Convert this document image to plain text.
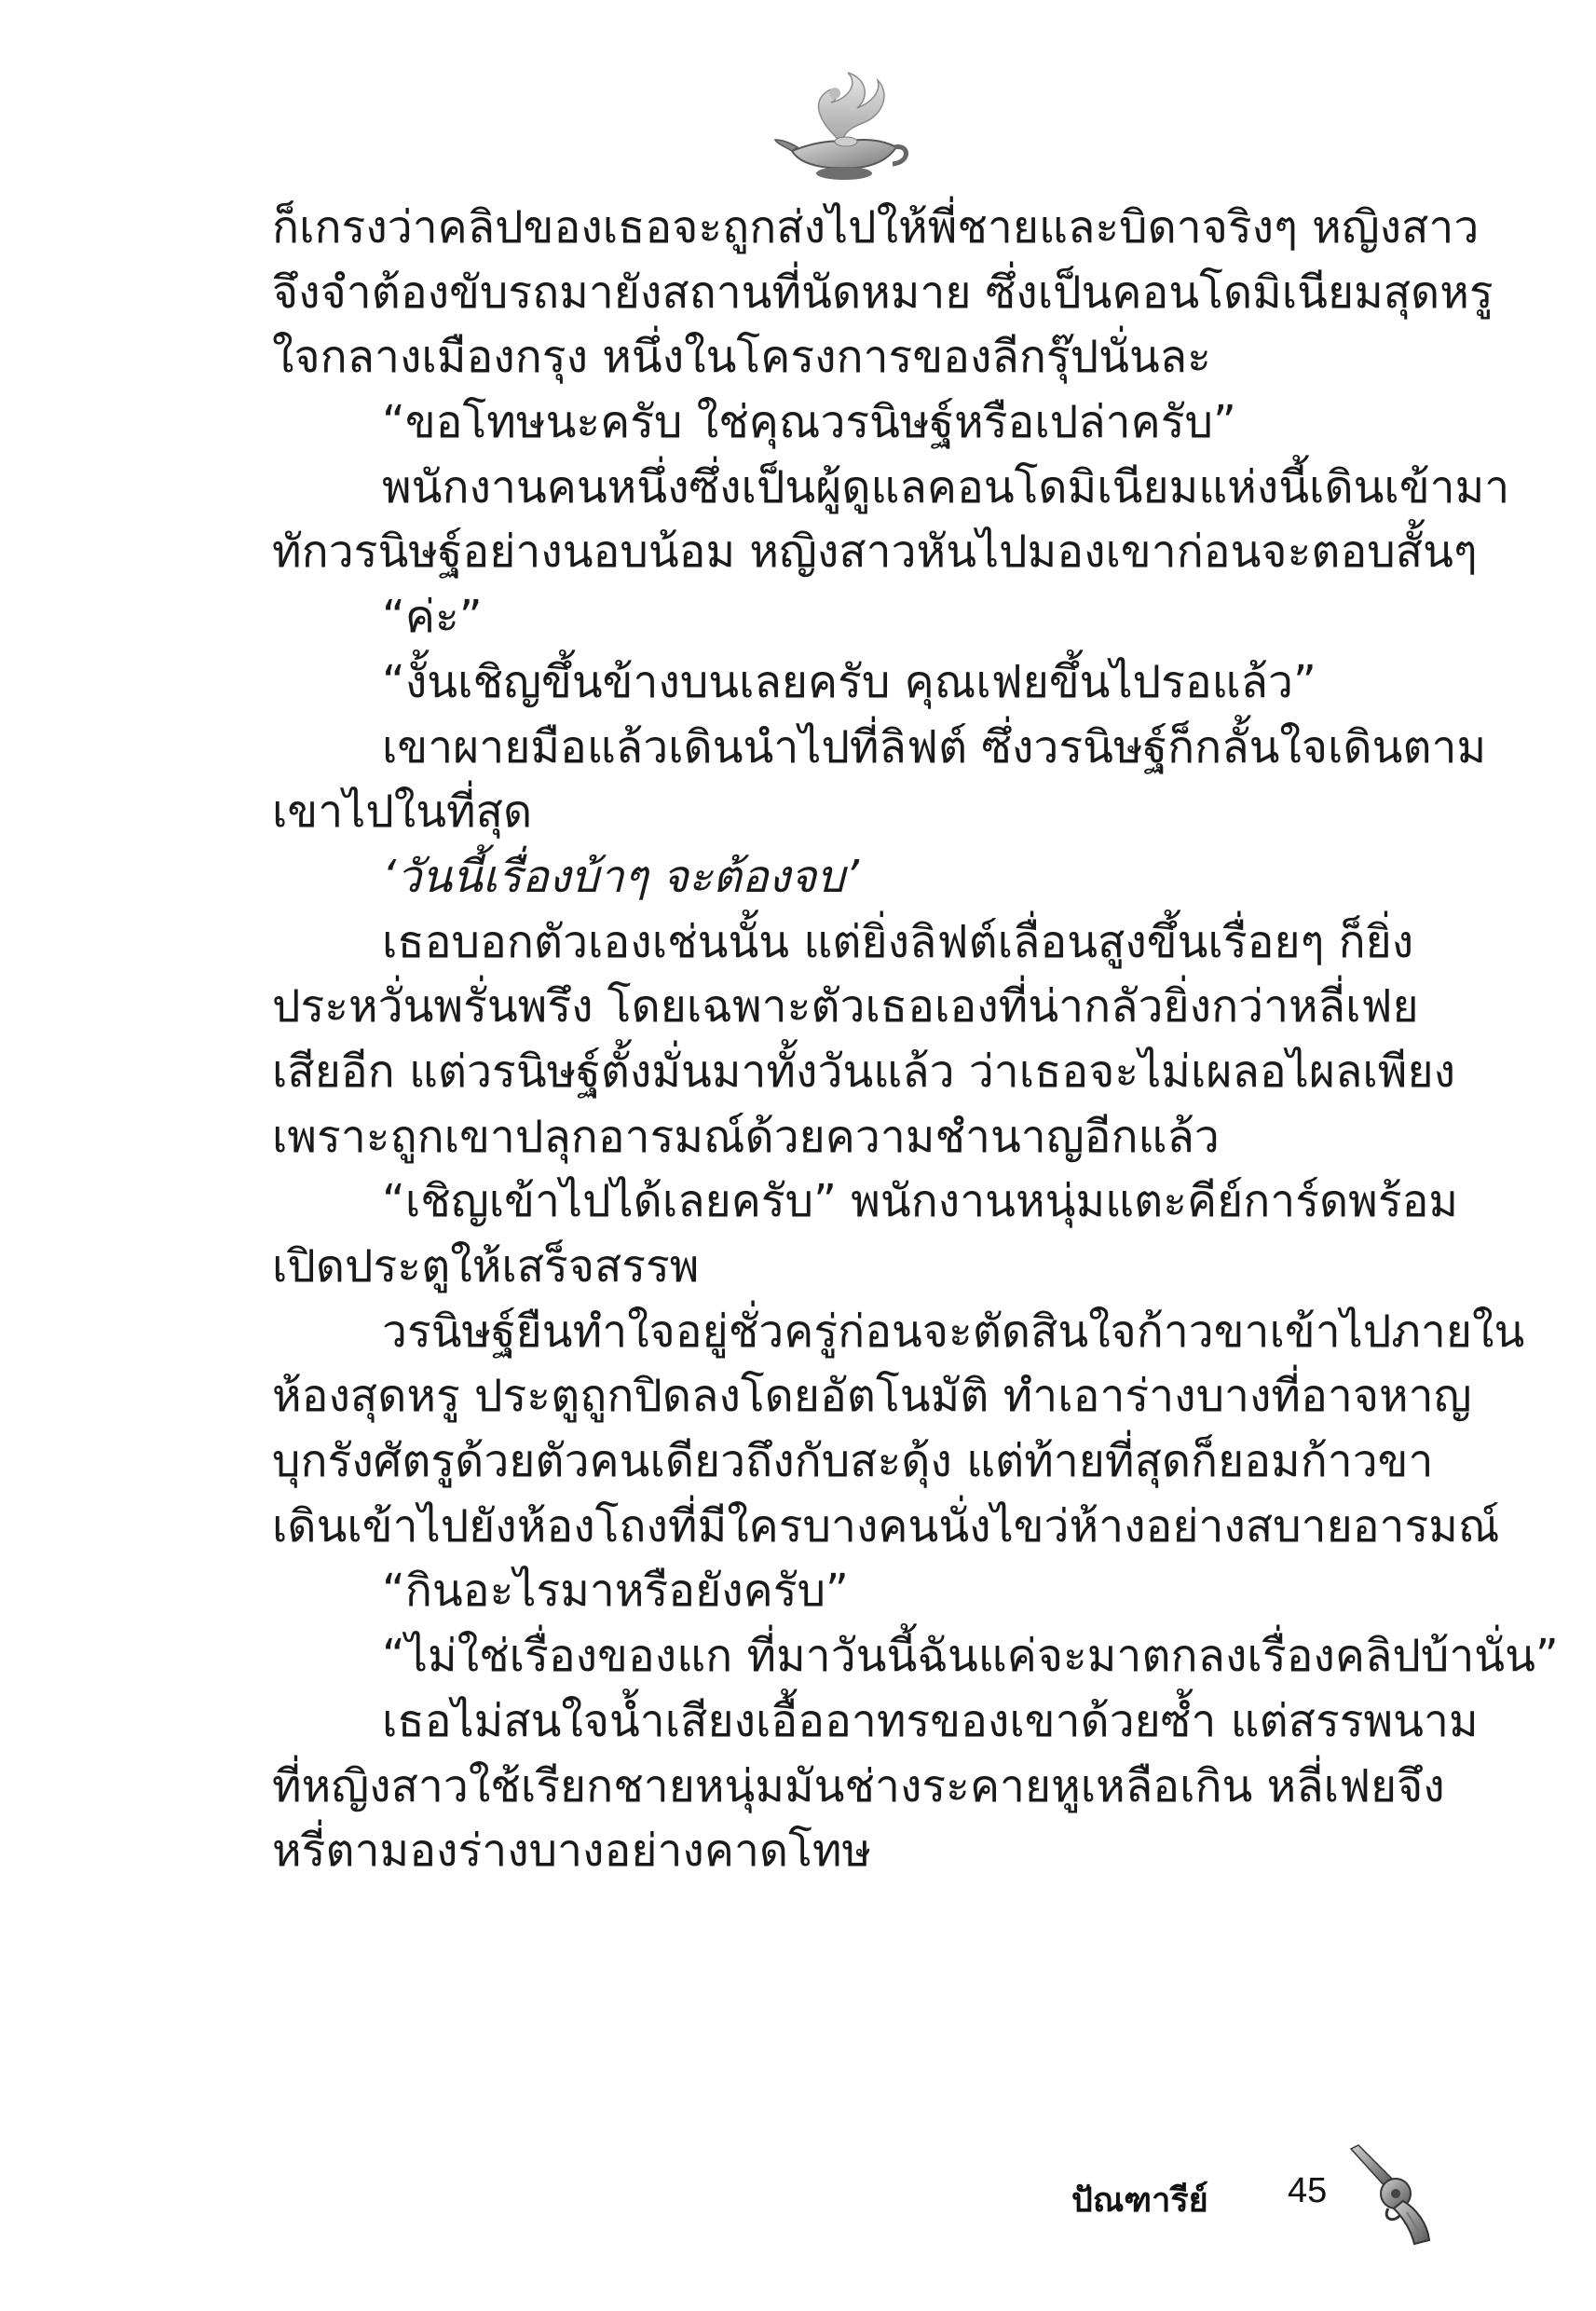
ก็เกรงว่าคลิปของเธอจะถูกส่งไปให้พี่ชายและบิดาจริงๆ หญิงสาว
จึงจำต้องขับรถมายังสถานที่นัดหมาย ซึ่งเป็นคอนโดมิเนียมสุดหรู
ใจกลางเมืองกรุง หนึ่งในโครงการของลีกรุ๊ปนั่นละ
“ขอโทษนะครับ ใช่คุณวรนิษฐ์หรือเปล่าครับ”
พนักงานคนหนึ่งซึ่งเป็นผู้ดูแลคอนโดมิเนียมแห่งนี้เดินเข้ามา
ทักวรนิษฐ์อย่างนอบน้อม หญิงสาวหันไปมองเขาก่อนจะตอบสั้นๆ
“ค่ะ”
“งั้นเชิญขึ้นข้างบนเลยครับ คุณเฟยขึ้นไปรอแล้ว”
เขาผายมือแล้วเดินนำไปที่ลิฟต์ ซึ่งวรนิษฐ์ก็กลั้นใจเดินตาม
เขาไปในที่สุด
‘วันนี้เรื่องบ้าๆ จะต้องจบ’
เธอบอกตัวเองเช่นนั้น แต่ยิ่งลิฟต์เลื่อนสูงขึ้นเรื่อยๆ ก็ยิ่ง
ประหวั่นพรั่นพรึง โดยเฉพาะตัวเธอเองที่น่ากลัวยิ่งกว่าหลี่เฟย
เสียอีก แต่วรนิษฐ์ตั้งมั่นมาทั้งวันแล้ว ว่าเธอจะไม่เผลอไผลเพียง
เพราะถูกเขาปลุกอารมณ์ด้วยความชำนาญอีกแล้ว
“เชิญเข้าไปได้เลยครับ” พนักงานหนุ่มแตะคีย์การ์ดพร้อม
เปิดประตูให้เสร็จสรรพ
วรนิษฐ์ยืนทำใจอยู่ชั่วครู่ก่อนจะตัดสินใจก้าวขาเข้าไปภายใน
ห้องสุดหรู ประตูถูกปิดลงโดยอัตโนมัติ ทำเอาร่างบางที่อาจหาญ
บุกรังศัตรูด้วยตัวคนเดียวถึงกับสะดุ้ง แต่ท้ายที่สุดก็ยอมก้าวขา
เดินเข้าไปยังห้องโถงที่มีใครบางคนนั่งไขว่ห้างอย่างสบายอารมณ์
“กินอะไรมาหรือยังครับ”
“ไม่ใช่เรื่องของแก ที่มาวันนี้ฉันแค่จะมาตกลงเรื่องคลิปบ้านั่น”
เธอไม่สนใจน้ำเสียงเอื้ออาทรของเขาด้วยซ้ำ แต่สรรพนาม
ที่หญิงสาวใช้เรียกชายหนุ่มมันช่างระคายหูเหลือเกิน หลี่เฟยจึง
หรี่ตามองร่างบางอย่างคาดโทษ
ปัณฑารีย์ 45
